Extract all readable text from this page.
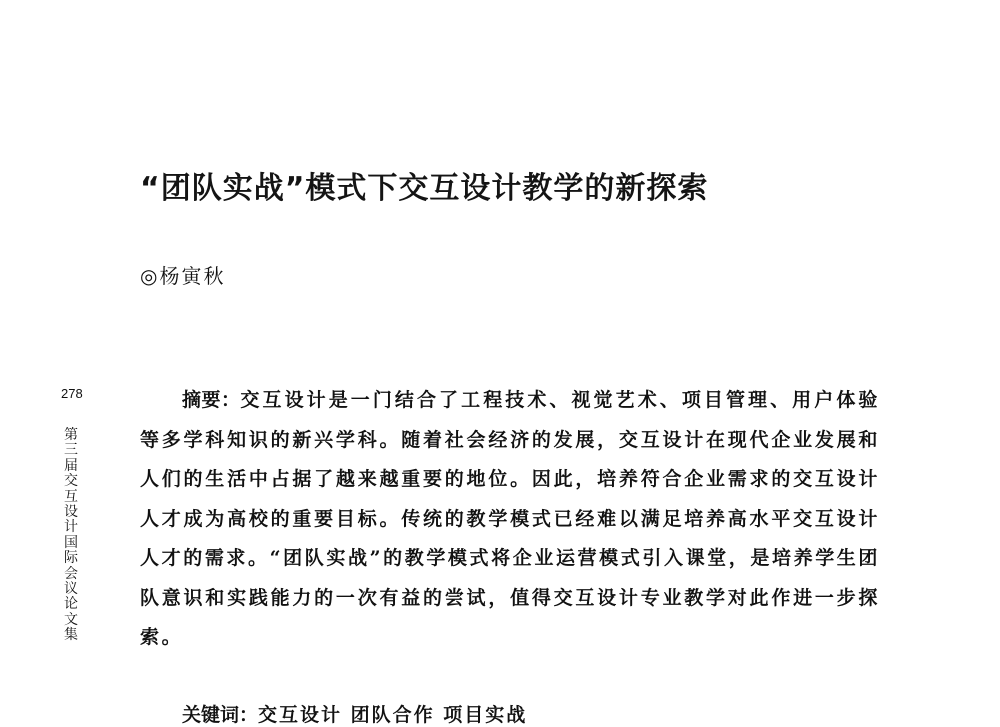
“团队实战”模式下交互设计教学的新探索
◎杨寅秋
278
第三届交互设计国际会议论文集

摘要：交互设计是一门结合了工程技术、视觉艺术、项目管理、用户体验等多学科知识的新兴学科。随着社会经济的发展，交互设计在现代企业发展和人们的生活中占据了越来越重要的地位。因此，培养符合企业需求的交互设计人才成为高校的重要目标。传统的教学模式已经难以满足培养高水平交互设计人才的需求。“团队实战”的教学模式将企业运营模式引入课堂，是培养学生团队意识和实践能力的一次有益的尝试，值得交互设计专业教学对此作进一步探索。

关键词：交互设计 团队合作 项目实战
